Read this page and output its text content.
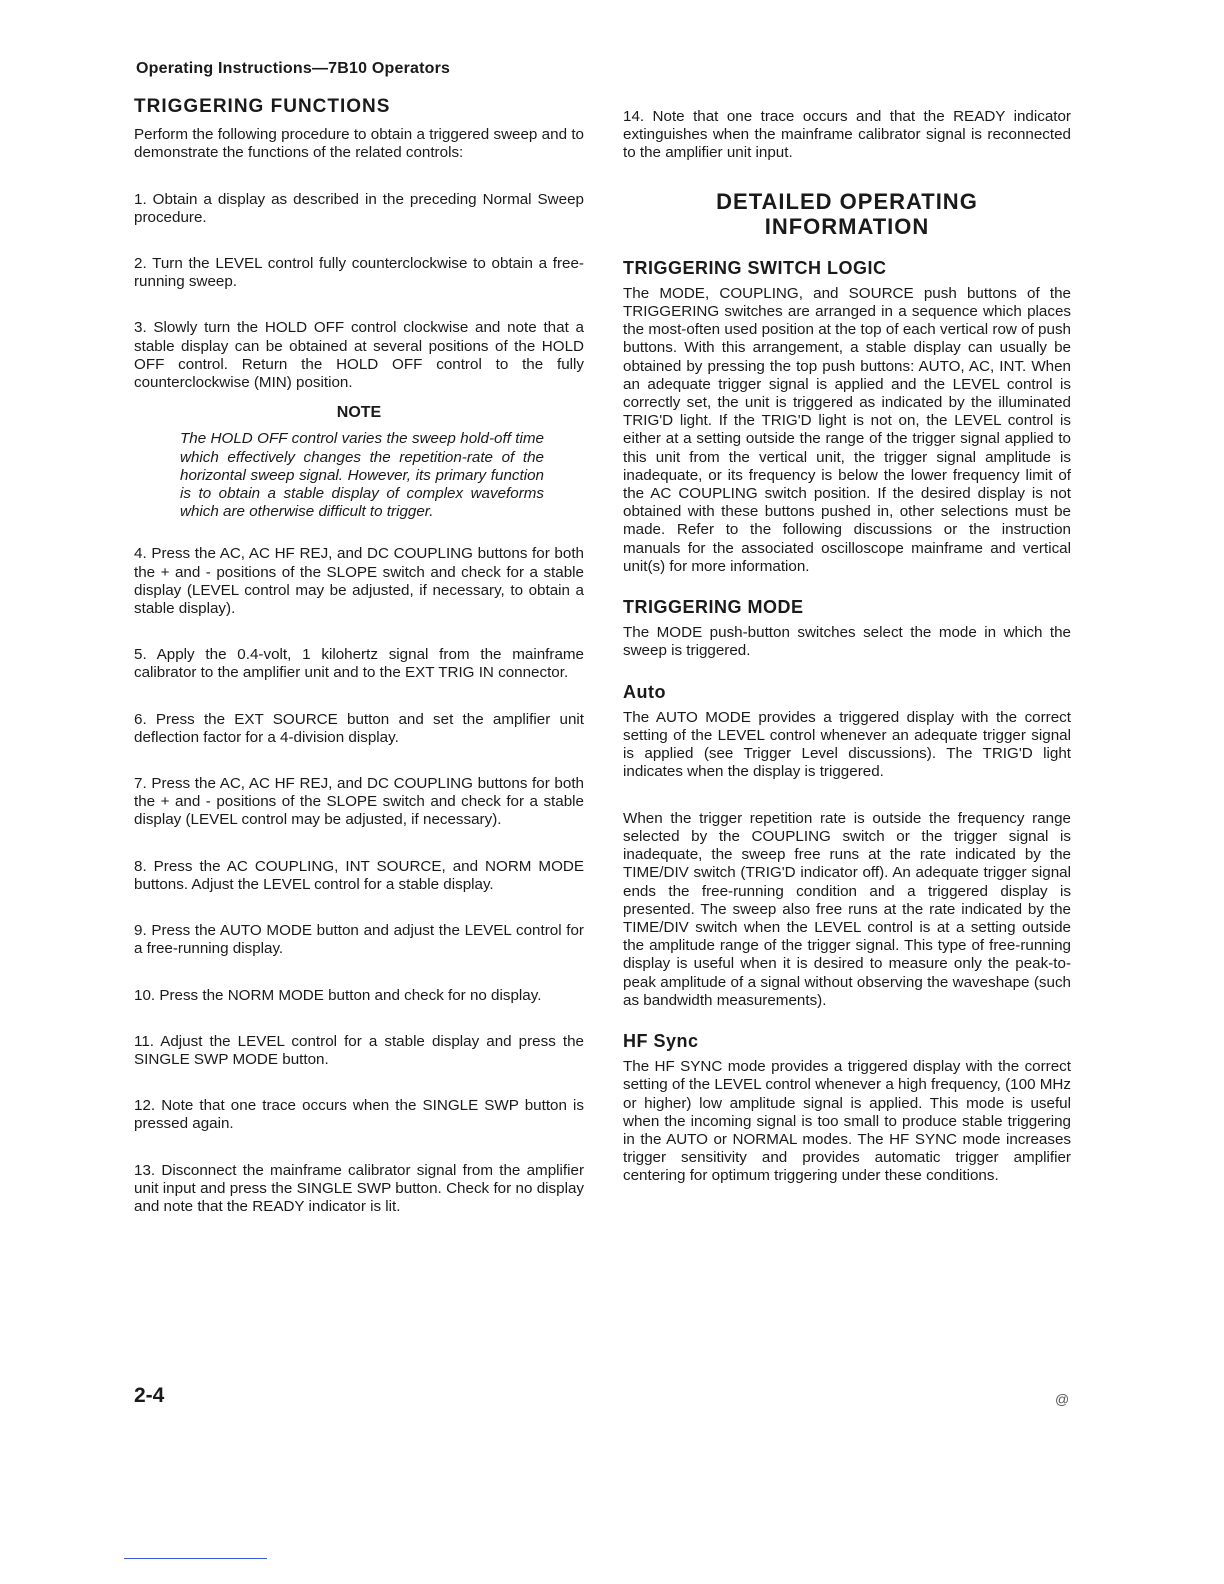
Operating Instructions—7B10 Operators
TRIGGERING FUNCTIONS

Perform the following procedure to obtain a triggered sweep and to demonstrate the functions of the related controls:

1. Obtain a display as described in the preceding Normal Sweep procedure.

2. Turn the LEVEL control fully counterclockwise to obtain a free-running sweep.

3. Slowly turn the HOLD OFF control clockwise and note that a stable display can be obtained at several positions of the HOLD OFF control. Return the HOLD OFF control to the fully counterclockwise (MIN) position.

NOTE

The HOLD OFF control varies the sweep hold-off time which effectively changes the repetition-rate of the horizontal sweep signal. However, its primary function is to obtain a stable display of complex waveforms which are otherwise difficult to trigger.

4. Press the AC, AC HF REJ, and DC COUPLING buttons for both the + and - positions of the SLOPE switch and check for a stable display (LEVEL control may be adjusted, if necessary, to obtain a stable display).

5. Apply the 0.4-volt, 1 kilohertz signal from the mainframe calibrator to the amplifier unit and to the EXT TRIG IN connector.

6. Press the EXT SOURCE button and set the amplifier unit deflection factor for a 4-division display.

7. Press the AC, AC HF REJ, and DC COUPLING buttons for both the + and - positions of the SLOPE switch and check for a stable display (LEVEL control may be adjusted, if necessary).

8. Press the AC COUPLING, INT SOURCE, and NORM MODE buttons. Adjust the LEVEL control for a stable display.

9. Press the AUTO MODE button and adjust the LEVEL control for a free-running display.

10. Press the NORM MODE button and check for no display.

11. Adjust the LEVEL control for a stable display and press the SINGLE SWP MODE button.

12. Note that one trace occurs when the SINGLE SWP button is pressed again.

13. Disconnect the mainframe calibrator signal from the amplifier unit input and press the SINGLE SWP button. Check for no display and note that the READY indicator is lit.

14. Note that one trace occurs and that the READY indicator extinguishes when the mainframe calibrator signal is reconnected to the amplifier unit input.

DETAILED OPERATING
INFORMATION
TRIGGERING SWITCH LOGIC

The MODE, COUPLING, and SOURCE push buttons of the TRIGGERING switches are arranged in a sequence which places the most-often used position at the top of each vertical row of push buttons. With this arrangement, a stable display can usually be obtained by pressing the top push buttons: AUTO, AC, INT. When an adequate trigger signal is applied and the LEVEL control is correctly set, the unit is triggered as indicated by the illuminated TRIG'D light. If the TRIG'D light is not on, the LEVEL control is either at a setting outside the range of the trigger signal applied to this unit from the vertical unit, the trigger signal amplitude is inadequate, or its frequency is below the lower frequency limit of the AC COUPLING switch position. If the desired display is not obtained with these buttons pushed in, other selections must be made. Refer to the following discussions or the instruction manuals for the associated oscilloscope mainframe and vertical unit(s) for more information.

TRIGGERING MODE

The MODE push-button switches select the mode in which the sweep is triggered.

Auto

The AUTO MODE provides a triggered display with the correct setting of the LEVEL control whenever an adequate trigger signal is applied (see Trigger Level discussions). The TRIG'D light indicates when the display is triggered.

When the trigger repetition rate is outside the frequency range selected by the COUPLING switch or the trigger signal is inadequate, the sweep free runs at the rate indicated by the TIME/DIV switch (TRIG'D indicator off). An adequate trigger signal ends the free-running condition and a triggered display is presented. The sweep also free runs at the rate indicated by the TIME/DIV switch when the LEVEL control is at a setting outside the amplitude range of the trigger signal. This type of free-running display is useful when it is desired to measure only the peak-to-peak amplitude of a signal without observing the waveshape (such as bandwidth measurements).

HF Sync

The HF SYNC mode provides a triggered display with the correct setting of the LEVEL control whenever a high frequency, (100 MHz or higher) low amplitude signal is applied. This mode is useful when the incoming signal is too small to produce stable triggering in the AUTO or NORMAL modes. The HF SYNC mode increases trigger sensitivity and provides automatic trigger amplifier centering for optimum triggering under these conditions.

2-4	@
